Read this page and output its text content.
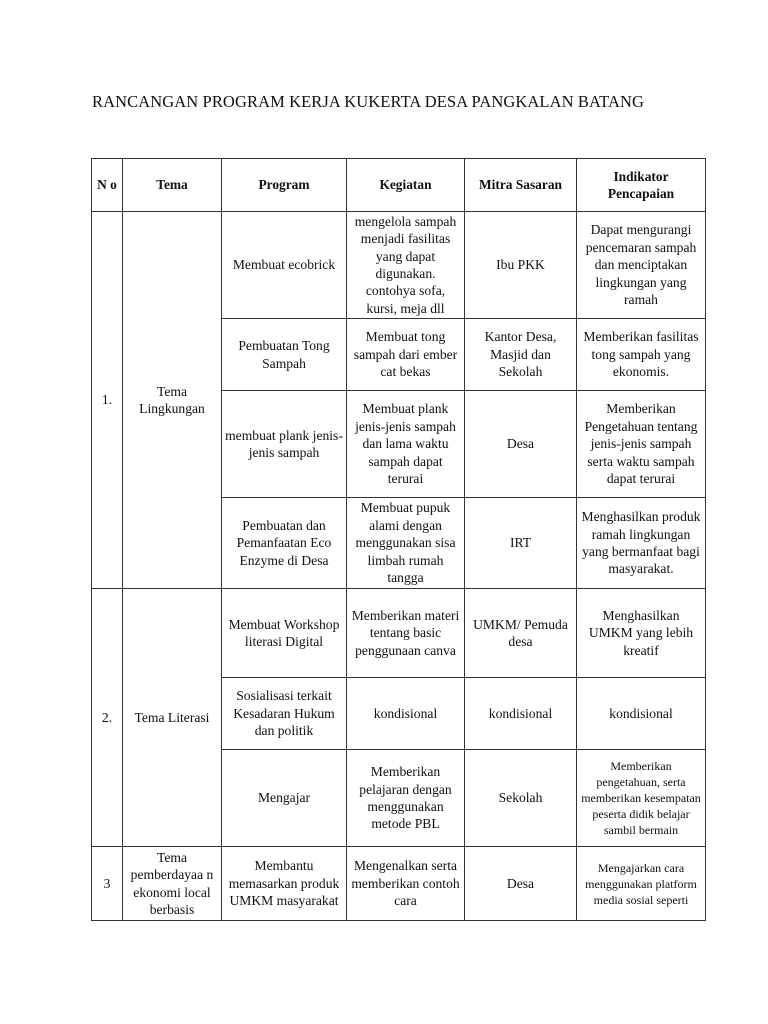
RANCANGAN PROGRAM KERJA KUKERTA DESA PANGKALAN BATANG
N o	Tema	Program	Kegiatan	Mitra Sasaran	Indikator Pencapaian
1.	Tema Lingkungan	Membuat ecobrick	mengelola sampah menjadi fasilitas yang dapat digunakan. contohya sofa, kursi, meja dll	Ibu PKK	Dapat mengurangi pencemaran sampah dan menciptakan lingkungan yang ramah
		Pembuatan Tong Sampah	Membuat tong sampah dari ember cat bekas	Kantor Desa, Masjid dan Sekolah	Memberikan fasilitas tong sampah yang ekonomis.
		membuat plank jenis-jenis sampah	Membuat plank jenis-jenis sampah dan lama waktu sampah dapat terurai	Desa	Memberikan Pengetahuan tentang jenis-jenis sampah serta waktu sampah dapat terurai
		Pembuatan dan Pemanfaatan Eco Enzyme di Desa	Membuat pupuk alami dengan menggunakan sisa limbah rumah tangga	IRT	Menghasilkan produk ramah lingkungan yang bermanfaat bagi masyarakat.
2.	Tema Literasi	Membuat Workshop literasi Digital	Memberikan materi tentang basic penggunaan canva	UMKM/ Pemuda desa	Menghasilkan UMKM yang lebih kreatif
		Sosialisasi terkait Kesadaran Hukum dan politik	kondisional	kondisional	kondisional
		Mengajar	Memberikan pelajaran dengan menggunakan metode PBL	Sekolah	Memberikan pengetahuan, serta memberikan kesempatan peserta didik belajar sambil bermain
3	Tema pemberdayaa n ekonomi local berbasis	Membantu memasarkan produk UMKM masyarakat	Mengenalkan serta memberikan contoh cara	Desa	Mengajarkan cara menggunakan platform media sosial seperti
